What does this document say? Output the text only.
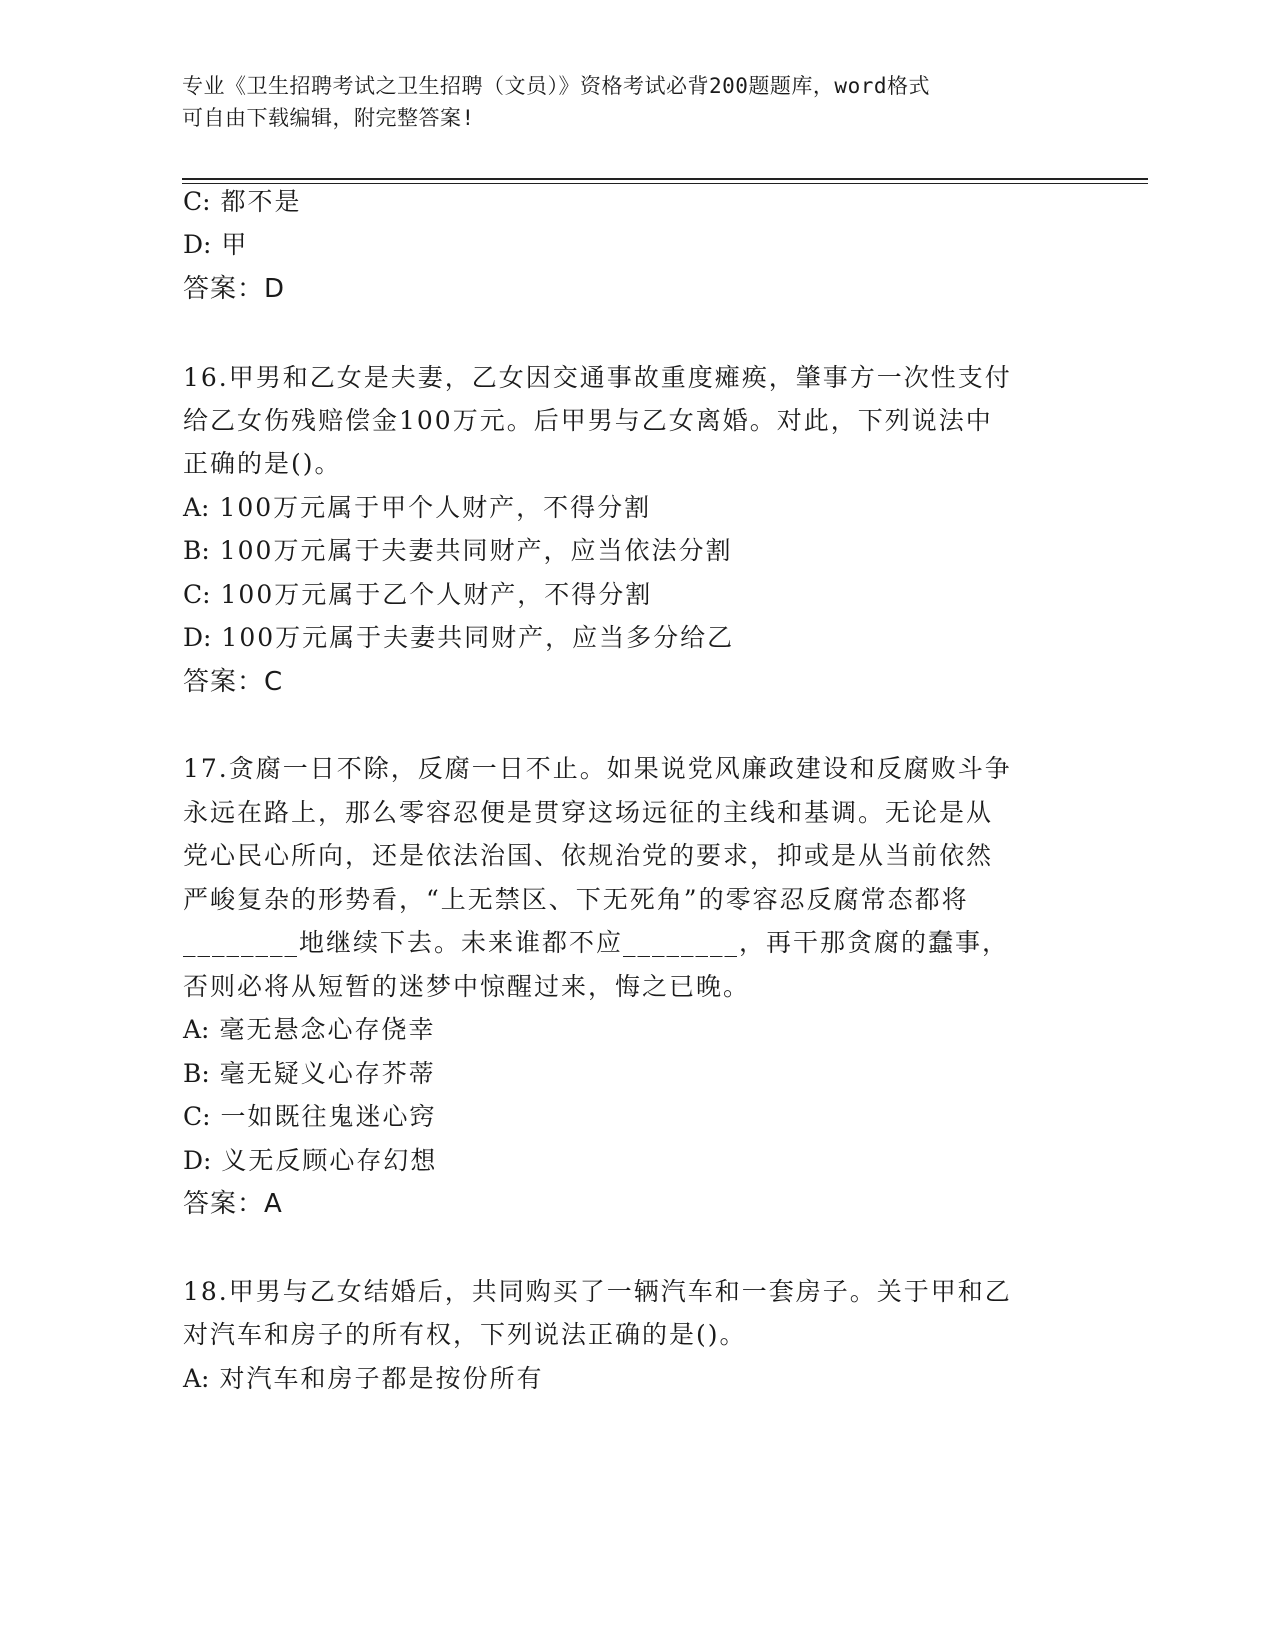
专业《卫生招聘考试之卫生招聘（文员）》资格考试必背200题题库，word格式
可自由下载编辑，附完整答案!
C: 都不是
D: 甲
答案：D
16.甲男和乙女是夫妻，乙女因交通事故重度瘫痪，肇事方一次性支付
给乙女伤残赔偿金100万元。后甲男与乙女离婚。对此，下列说法中
正确的是()。
A: 100万元属于甲个人财产，不得分割
B: 100万元属于夫妻共同财产，应当依法分割
C: 100万元属于乙个人财产，不得分割
D: 100万元属于夫妻共同财产，应当多分给乙
答案：C
17.贪腐一日不除，反腐一日不止。如果说党风廉政建设和反腐败斗争
永远在路上，那么零容忍便是贯穿这场远征的主线和基调。无论是从
党心民心所向，还是依法治国、依规治党的要求，抑或是从当前依然
严峻复杂的形势看，“上无禁区、下无死角”的零容忍反腐常态都将
________地继续下去。未来谁都不应________，再干那贪腐的蠢事，
否则必将从短暂的迷梦中惊醒过来，悔之已晚。
A: 毫无悬念心存侥幸
B: 毫无疑义心存芥蒂
C: 一如既往鬼迷心窍
D: 义无反顾心存幻想
答案：A
18.甲男与乙女结婚后，共同购买了一辆汽车和一套房子。关于甲和乙
对汽车和房子的所有权，下列说法正确的是()。
A: 对汽车和房子都是按份所有
